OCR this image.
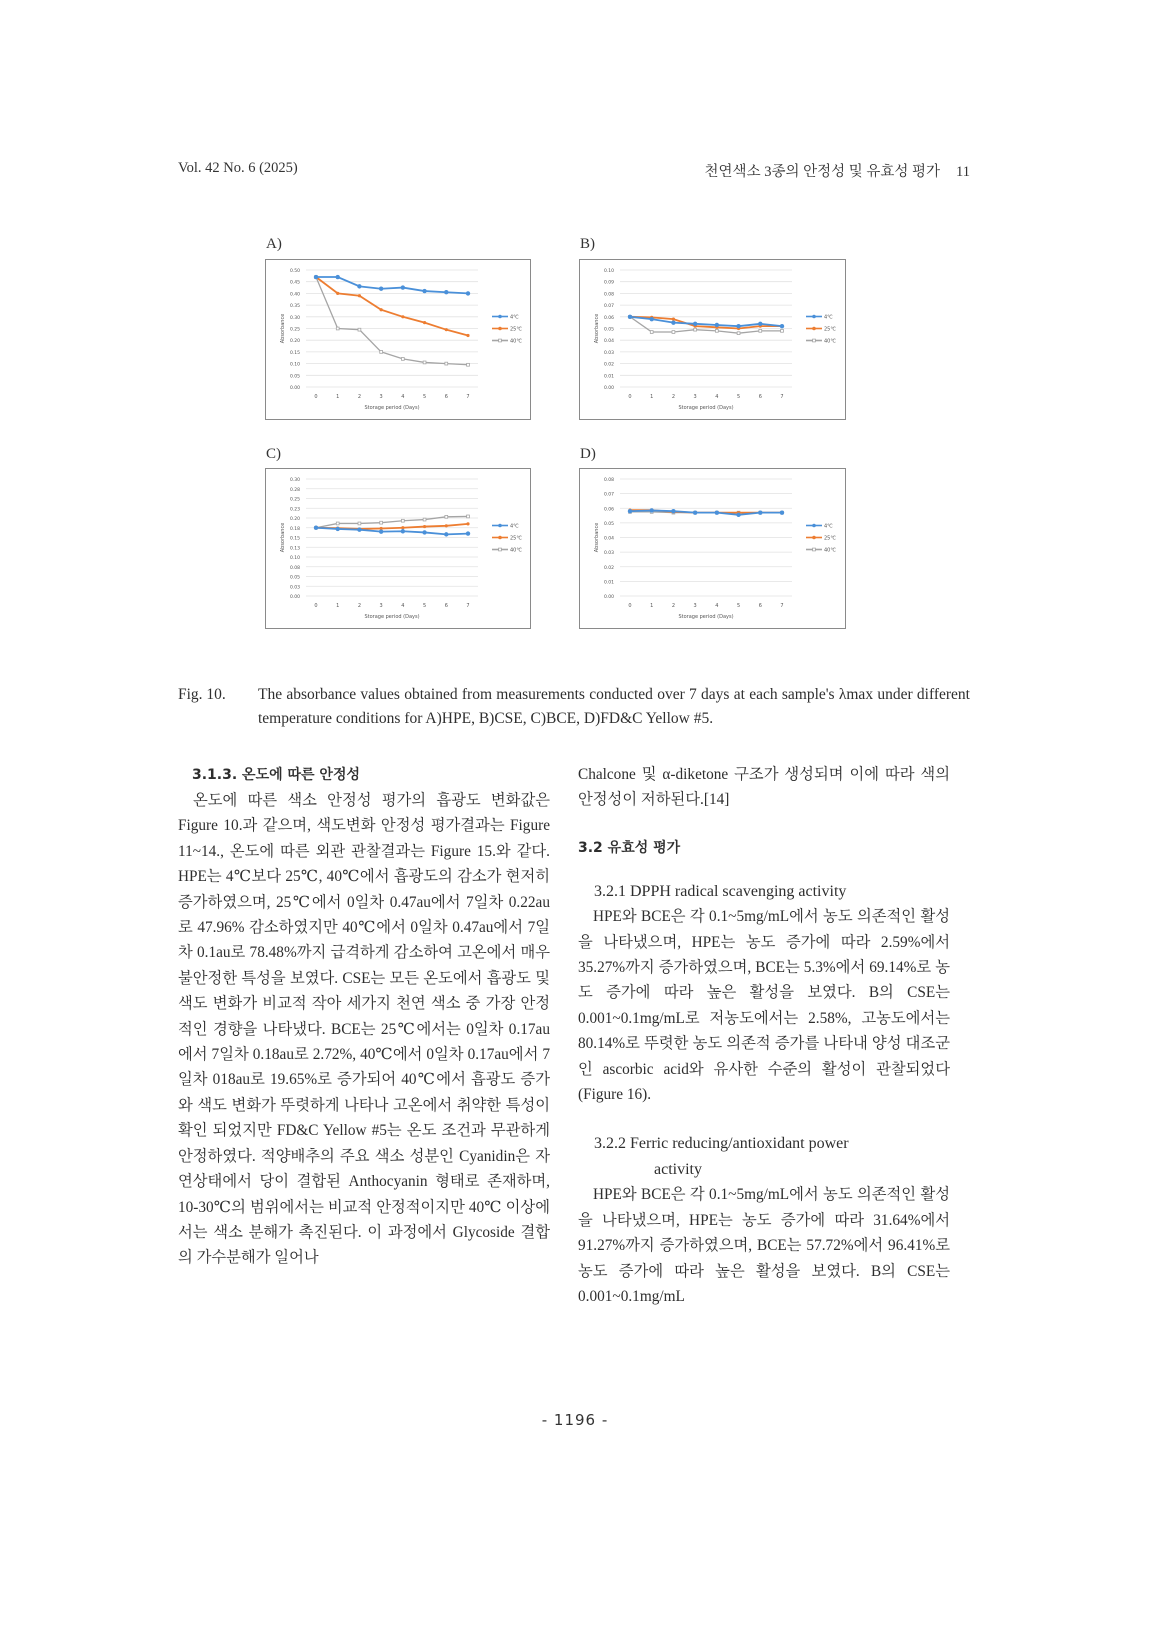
Vol. 42 No. 6 (2025)	천연색소 3종의 안정성 및 유효성 평가 11
A)
0.50
0.45
0.40
0.35
0.30
0.25
0.20
0.15
0.10
0.05
0.00
0	1	2	3	4	5	6	7
Storage period (Days)
Absorbance	4℃
25℃
40℃
B)
0.10
0.09
0.08
0.07
0.06
0.05
0.04
0.03
0.02
0.01
0.00
0	1	2	3	4	5	6	7
Storage period (Days)
Absorbance	4℃
25℃
40℃
C)
0.30
0.28
0.25
0.23
0.20
0.18
0.15
0.13
0.10
0.08
0.05
0.03
0.00
0	1	2	3	4	5	6	7
Storage period (Days)
Absorbance	4℃
25℃
40℃
D)
0.08
0.07
0.06
0.05
0.04
0.03
0.02
0.01
0.00
0	1	2	3	4	5	6	7
Storage period (Days)
Absorbance	4℃
25℃
40℃
Fig. 10.	The absorbance values obtained from measurements conducted over 7 days at each sample's λmax under different temperature conditions for A)HPE, B)CSE, C)BCE, D)FD&C Yellow #5.

3.1.3. 온도에 따른 안정성

온도에 따른 색소 안정성 평가의 흡광도 변화값은 Figure 10.과 같으며, 색도변화 안정성 평가결과는 Figure 11~14., 온도에 따른 외관 관찰결과는 Figure 15.와 같다. HPE는 4℃보다 25℃, 40℃에서 흡광도의 감소가 현저히 증가하였으며, 25℃에서 0일차 0.47au에서 7일차 0.22au로 47.96% 감소하였지만 40℃에서 0일차 0.47au에서 7일차 0.1au로 78.48%까지 급격하게 감소하여 고온에서 매우 불안정한 특성을 보였다. CSE는 모든 온도에서 흡광도 및 색도 변화가 비교적 작아 세가지 천연 색소 중 가장 안정적인 경향을 나타냈다. BCE는 25℃에서는 0일차 0.17au에서 7일차 0.18au로 2.72%, 40℃에서 0일차 0.17au에서 7일차 018au로 19.65%로 증가되어 40℃에서 흡광도 증가와 색도 변화가 뚜렷하게 나타나 고온에서 취약한 특성이 확인 되었지만 FD&C Yellow #5는 온도 조건과 무관하게 안정하였다. 적양배추의 주요 색소 성분인 Cyanidin은 자연상태에서 당이 결합된 Anthocyanin 형태로 존재하며, 10-30℃의 범위에서는 비교적 안정적이지만 40℃ 이상에서는 색소 분해가 촉진된다. 이 과정에서 Glycoside 결합의 가수분해가 일어나

Chalcone 및 α-diketone 구조가 생성되며 이에 따라 색의 안정성이 저하된다.[14]

3.2 유효성 평가

3.2.1 DPPH radical scavenging activity

HPE와 BCE은 각 0.1~5mg/mL에서 농도 의존적인 활성을 나타냈으며, HPE는 농도 증가에 따라 2.59%에서 35.27%까지 증가하였으며, BCE는 5.3%에서 69.14%로 농도 증가에 따라 높은 활성을 보였다. B의 CSE는 0.001~0.1mg/mL로 저농도에서는 2.58%, 고농도에서는 80.14%로 뚜렷한 농도 의존적 증가를 나타내 양성 대조군인 ascorbic acid와 유사한 수준의 활성이 관찰되었다(Figure 16).

3.2.2 Ferric reducing/antioxidant power
activity

HPE와 BCE은 각 0.1~5mg/mL에서 농도 의존적인 활성을 나타냈으며, HPE는 농도 증가에 따라 31.64%에서 91.27%까지 증가하였으며, BCE는 57.72%에서 96.41%로 농도 증가에 따라 높은 활성을 보였다. B의 CSE는 0.001~0.1mg/mL

- 1196 -
